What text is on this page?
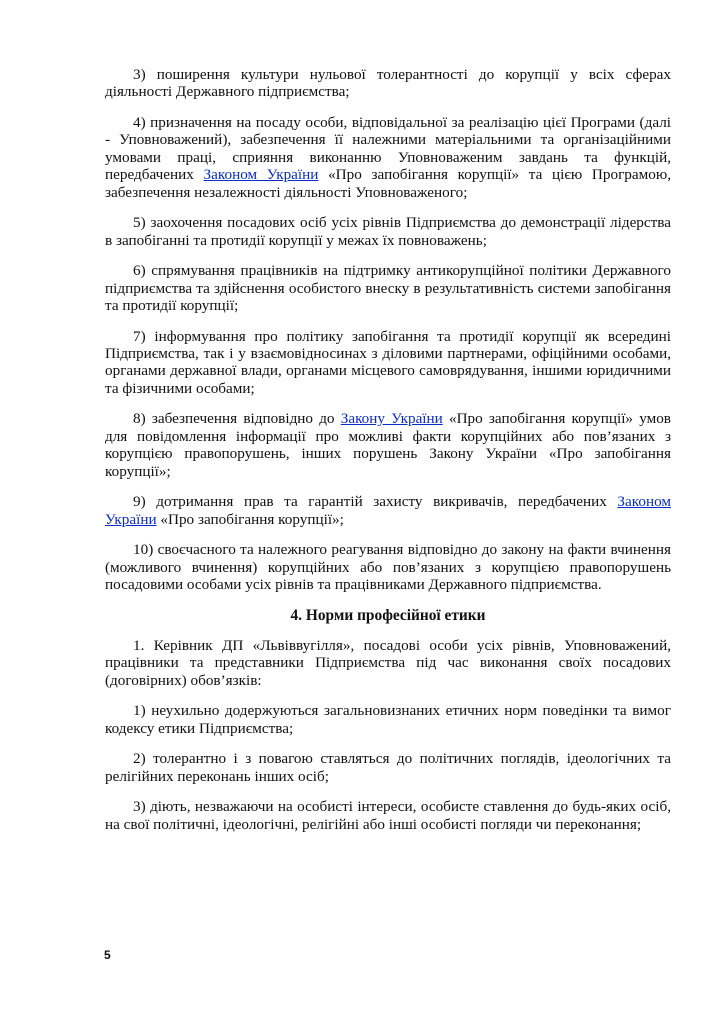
3) поширення культури нульової толерантності до корупції у всіх сферах діяльності Державного підприємства;

4) призначення на посаду особи, відповідальної за реалізацію цієї Програми (далі - Уповноважений), забезпечення її належними матеріальними та організаційними умовами праці, сприяння виконанню Уповноваженим завдань та функцій, передбачених Законом України «Про запобігання корупції» та цією Програмою, забезпечення незалежності діяльності Уповноваженого;

5) заохочення посадових осіб усіх рівнів Підприємства до демонстрації лідерства в запобіганні та протидії корупції у межах їх повноважень;

6) спрямування працівників на підтримку антикорупційної політики Державного підприємства та здійснення особистого внеску в результативність системи запобігання та протидії корупції;

7) інформування про політику запобігання та протидії корупції як всередині Підприємства, так і у взаємовідносинах з діловими партнерами, офіційними особами, органами державної влади, органами місцевого самоврядування, іншими юридичними та фізичними особами;

8) забезпечення відповідно до Закону України «Про запобігання корупції» умов для повідомлення інформації про можливі факти корупційних або пов’язаних з корупцією правопорушень, інших порушень Закону України «Про запобігання корупції»;

9) дотримання прав та гарантій захисту викривачів, передбачених Законом України «Про запобігання корупції»;

10) своєчасного та належного реагування відповідно до закону на факти вчинення (можливого вчинення) корупційних або пов’язаних з корупцією правопорушень посадовими особами усіх рівнів та працівниками Державного підприємства.

4. Норми професійної етики

1. Керівник ДП «Львіввугілля», посадові особи усіх рівнів, Уповноважений, працівники та представники Підприємства під час виконання своїх посадових (договірних) обов’язків:

1) неухильно додержуються загальновизнаних етичних норм поведінки та вимог кодексу етики Підприємства;

2) толерантно і з повагою ставляться до політичних поглядів, ідеологічних та релігійних переконань інших осіб;

3) діють, незважаючи на особисті інтереси, особисте ставлення до будь-яких осіб, на свої політичні, ідеологічні, релігійні або інші особисті погляди чи переконання;

5
